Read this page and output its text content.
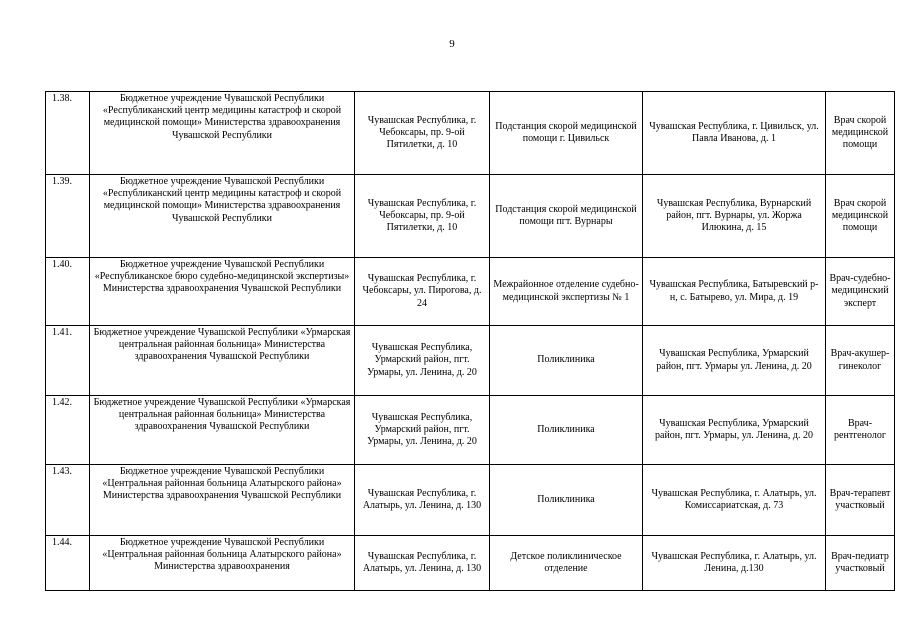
9
1.38.	Бюджетное учреждение Чувашской Республики «Республиканский центр медицины катастроф и скорой медицинской помощи» Министерства здравоохранения Чувашской Республики	Чувашская Республика, г. Чебоксары, пр. 9-ой Пятилетки, д. 10	Подстанция скорой медицинской помощи г. Цивильск	Чувашская Республика, г. Цивильск, ул. Павла Иванова, д. 1	Врач скорой медицинской помощи
1.39.	Бюджетное учреждение Чувашской Республики «Республиканский центр медицины катастроф и скорой медицинской помощи» Министерства здравоохранения Чувашской Республики	Чувашская Республика, г. Чебоксары, пр. 9-ой Пятилетки, д. 10	Подстанция скорой медицинской помощи пгт. Вурнары	Чувашская Республика, Вурнарский район, пгт. Вурнары, ул. Жоржа Илюкина, д. 15	Врач скорой медицинской помощи
1.40.	Бюджетное учреждение Чувашской Республики «Республиканское бюро судебно-медицинской экспертизы» Министерства здравоохранения Чувашской Республики	Чувашская Республика, г. Чебоксары, ул. Пирогова, д. 24	Межрайонное отделение судебно-медицинской экспертизы № 1	Чувашская Республика, Батыревский р-н, с. Батырево, ул. Мира, д. 19	Врач-судебно-медицинский эксперт
1.41.	Бюджетное учреждение Чувашской Республики «Урмарская центральная районная больница» Министерства здравоохранения Чувашской Республики	Чувашская Республика, Урмарский район, пгт. Урмары, ул. Ленина, д. 20	Поликлиника	Чувашская Республика, Урмарский район, пгт. Урмары ул. Ленина, д. 20	Врач-акушер-гинеколог
1.42.	Бюджетное учреждение Чувашской Республики «Урмарская центральная районная больница» Министерства здравоохранения Чувашской Республики	Чувашская Республика, Урмарский район, пгт. Урмары, ул. Ленина, д. 20	Поликлиника	Чувашская Республика, Урмарский район, пгт. Урмары, ул. Ленина, д. 20	Врач-рентгенолог
1.43.	Бюджетное учреждение Чувашской Республики «Центральная районная больница Алатырского района» Министерства здравоохранения Чувашской Республики	Чувашская Республика, г. Алатырь, ул. Ленина, д. 130	Поликлиника	Чувашская Республика, г. Алатырь, ул. Комиссариатская, д. 73	Врач-терапевт участковый
1.44.	Бюджетное учреждение Чувашской Республики «Центральная районная больница Алатырского района» Министерства здравоохранения	Чувашская Республика, г. Алатырь, ул. Ленина, д. 130	Детское поликлиническое отделение	Чувашская Республика, г. Алатырь, ул. Ленина, д.130	Врач-педиатр участковый
